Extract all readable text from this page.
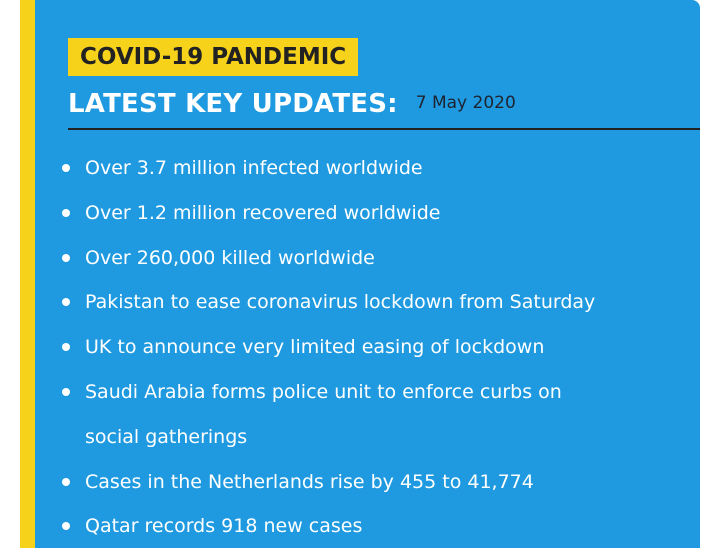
COVID-19 PANDEMIC
LATEST KEY UPDATES: 7 May 2020
Over 3.7 million infected worldwide
Over 1.2 million recovered worldwide
Over 260,000 killed worldwide
Pakistan to ease coronavirus lockdown from Saturday
UK to announce very limited easing of lockdown
Saudi Arabia forms police unit to enforce curbs on
social gatherings
Cases in the Netherlands rise by 455 to 41,774
Qatar records 918 new cases
